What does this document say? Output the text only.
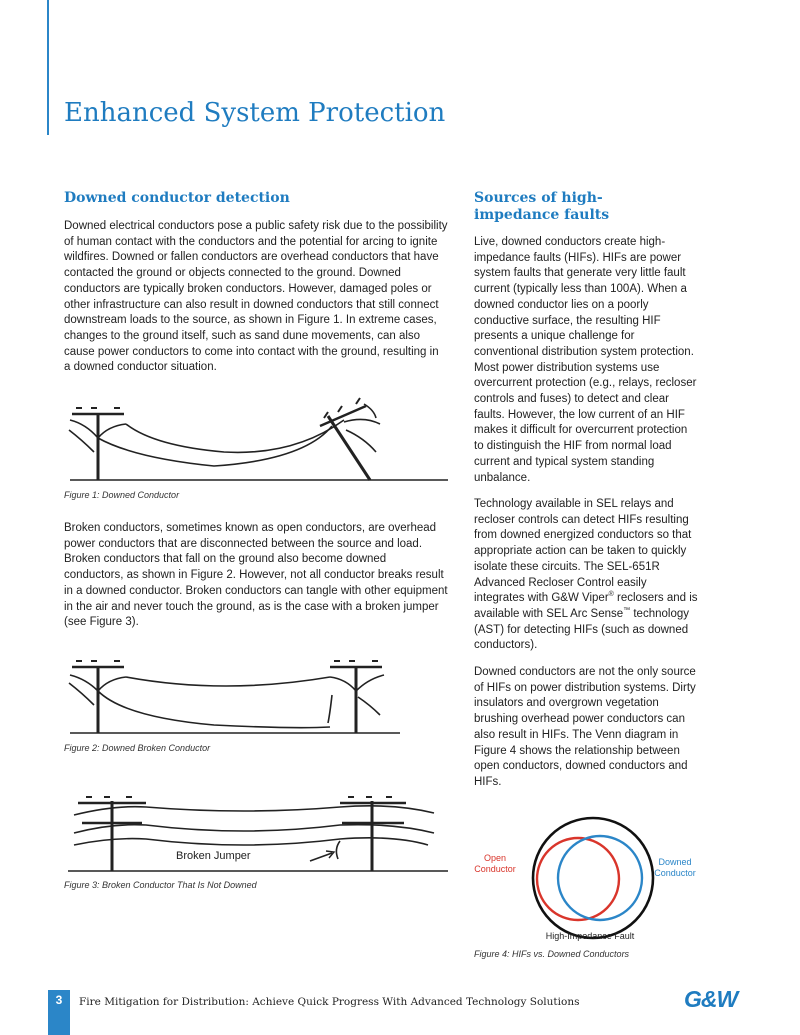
Enhanced System Protection
Downed conductor detection

Downed electrical conductors pose a public safety risk due to the possibility of human contact with the conductors and the potential for arcing to ignite wildfires. Downed or fallen conductors are overhead conductors that have contacted the ground or objects connected to the ground. Downed conductors are typically broken conductors. However, damaged poles or other infrastructure can also result in downed conductors that still connect downstream loads to the source, as shown in Figure 1. In extreme cases, changes to the ground itself, such as sand dune movements, can also cause power conductors to come into contact with the ground, resulting in a downed conductor situation.

Figure 1: Downed Conductor

Broken conductors, sometimes known as open conductors, are overhead power conductors that are disconnected between the source and load. Broken conductors that fall on the ground also become downed conductors, as shown in Figure 2. However, not all conductor breaks result in a downed conductor. Broken conductors can tangle with other equipment in the air and never touch the ground, as is the case with a broken jumper (see Figure 3).

Figure 2: Downed Broken Conductor

Broken Jumper

Figure 3: Broken Conductor That Is Not Downed

Sources of high-
impedance faults

Live, downed conductors create high-impedance faults (HIFs). HIFs are power system faults that generate very little fault current (typically less than 100A). When a downed conductor lies on a poorly conductive surface, the resulting HIF presents a unique challenge for conventional distribution system protection. Most power distribution systems use overcurrent protection (e.g., relays, recloser controls and fuses) to detect and clear faults. However, the low current of an HIF makes it difficult for overcurrent protection to distinguish the HIF from normal load current and typical system standing unbalance.

Technology available in SEL relays and recloser controls can detect HIFs resulting from downed energized conductors so that appropriate action can be taken to quickly isolate these circuits. The SEL-651R Advanced Recloser Control easily integrates with G&W Viper® reclosers and is available with SEL Arc Sense™ technology (AST) for detecting HIFs (such as downed conductors).

Downed conductors are not the only source of HIFs on power distribution systems. Dirty insulators and overgrown vegetation brushing overhead power conductors can also result in HIFs. The Venn diagram in Figure 4 shows the relationship between open conductors, downed conductors and HIFs.

Open
Conductor
Downed
Conductor
High-Impedance Fault

Figure 4: HIFs vs. Downed Conductors

3	Fire Mitigation for Distribution: Achieve Quick Progress With Advanced Technology Solutions	G&W
